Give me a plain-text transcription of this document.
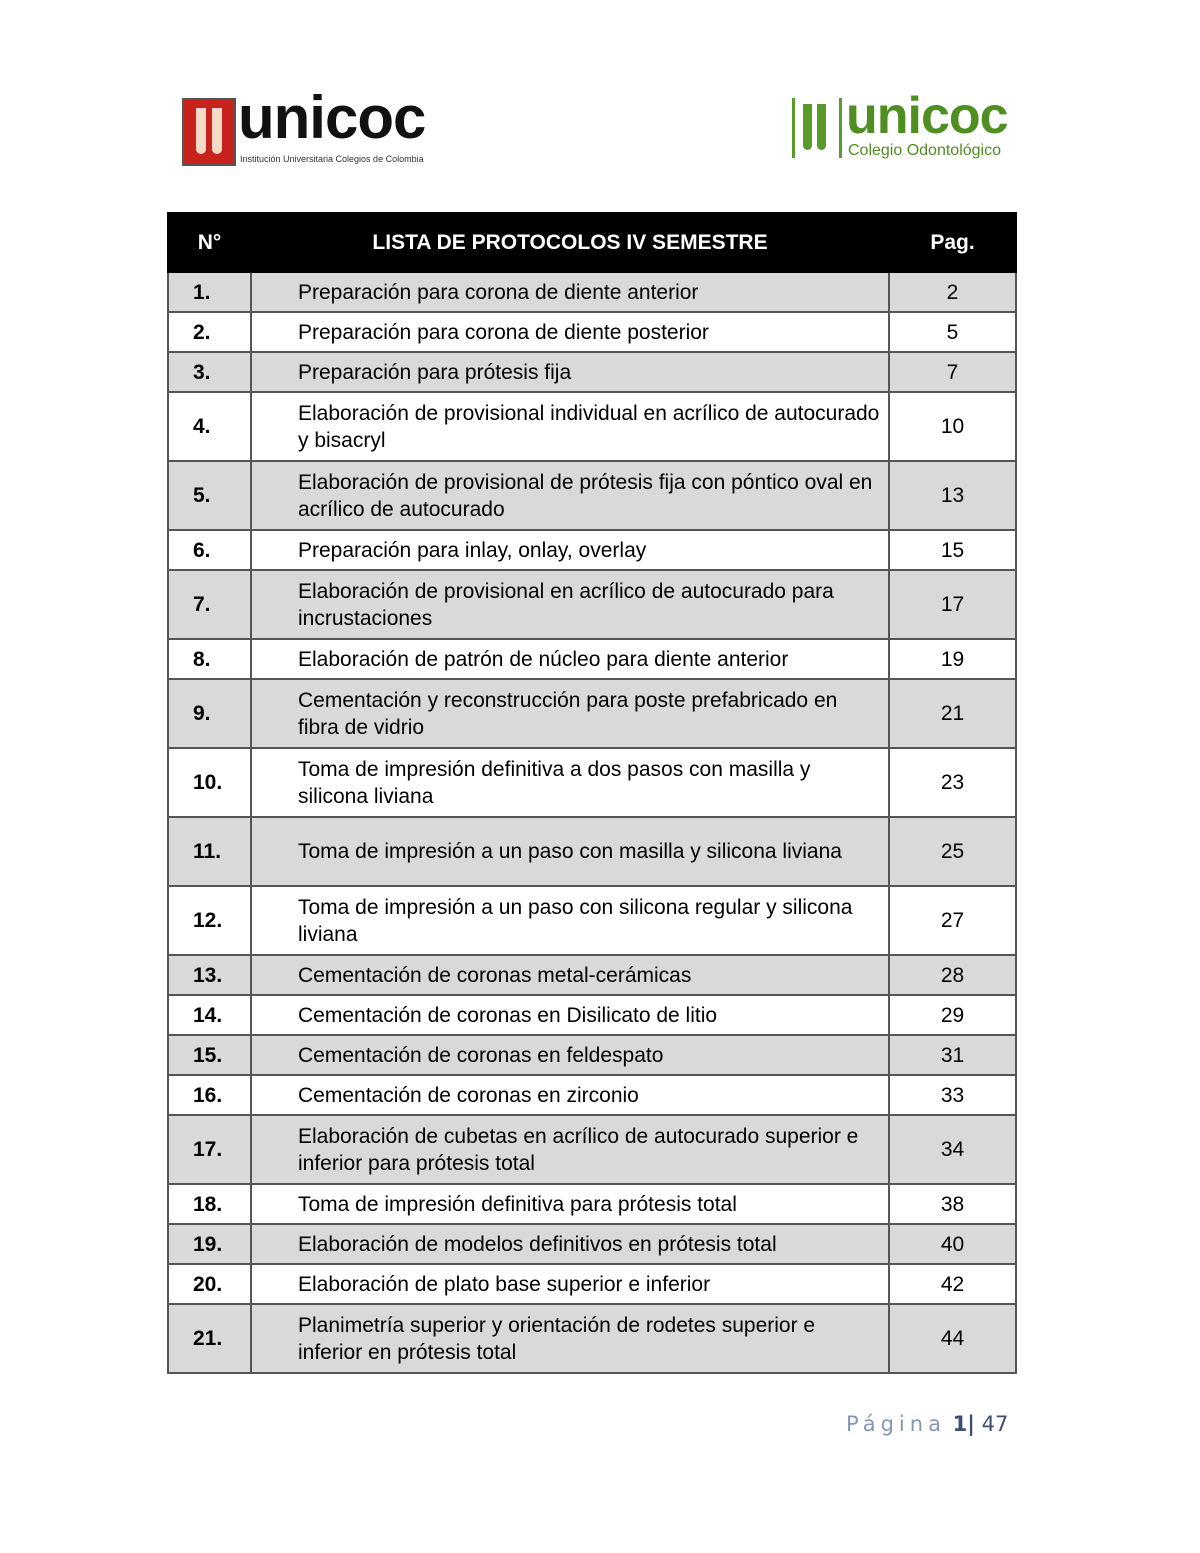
unicoc
Institución Universitaria Colegios de Colombia
unicoc
Colegio Odontológico
N°	LISTA DE PROTOCOLOS IV SEMESTRE	Pag.
1.	Preparación para corona de diente anterior	2
2.	Preparación para corona de diente posterior	5
3.	Preparación para prótesis fija	7
4.	Elaboración de provisional individual en acrílico de autocurado y bisacryl	10
5.	Elaboración de provisional de prótesis fija con póntico oval en acrílico de autocurado	13
6.	Preparación para inlay, onlay, overlay	15
7.	Elaboración de provisional en acrílico de autocurado para incrustaciones	17
8.	Elaboración de patrón de núcleo para diente anterior	19
9.	Cementación y reconstrucción para poste prefabricado en fibra de vidrio	21
10.	Toma de impresión definitiva a dos pasos con masilla y silicona liviana	23
11.	Toma de impresión a un paso con masilla y silicona liviana	25
12.	Toma de impresión a un paso con silicona regular y silicona liviana	27
13.	Cementación de coronas metal-cerámicas	28
14.	Cementación de coronas en Disilicato de litio	29
15.	Cementación de coronas en feldespato	31
16.	Cementación de coronas en zirconio	33
17.	Elaboración de cubetas en acrílico de autocurado superior e inferior para prótesis total	34
18.	Toma de impresión definitiva para prótesis total	38
19.	Elaboración de modelos definitivos en prótesis total	40
20.	Elaboración de plato base superior e inferior	42
21.	Planimetría superior y orientación de rodetes superior e inferior en prótesis total	44
Página 1| 47
